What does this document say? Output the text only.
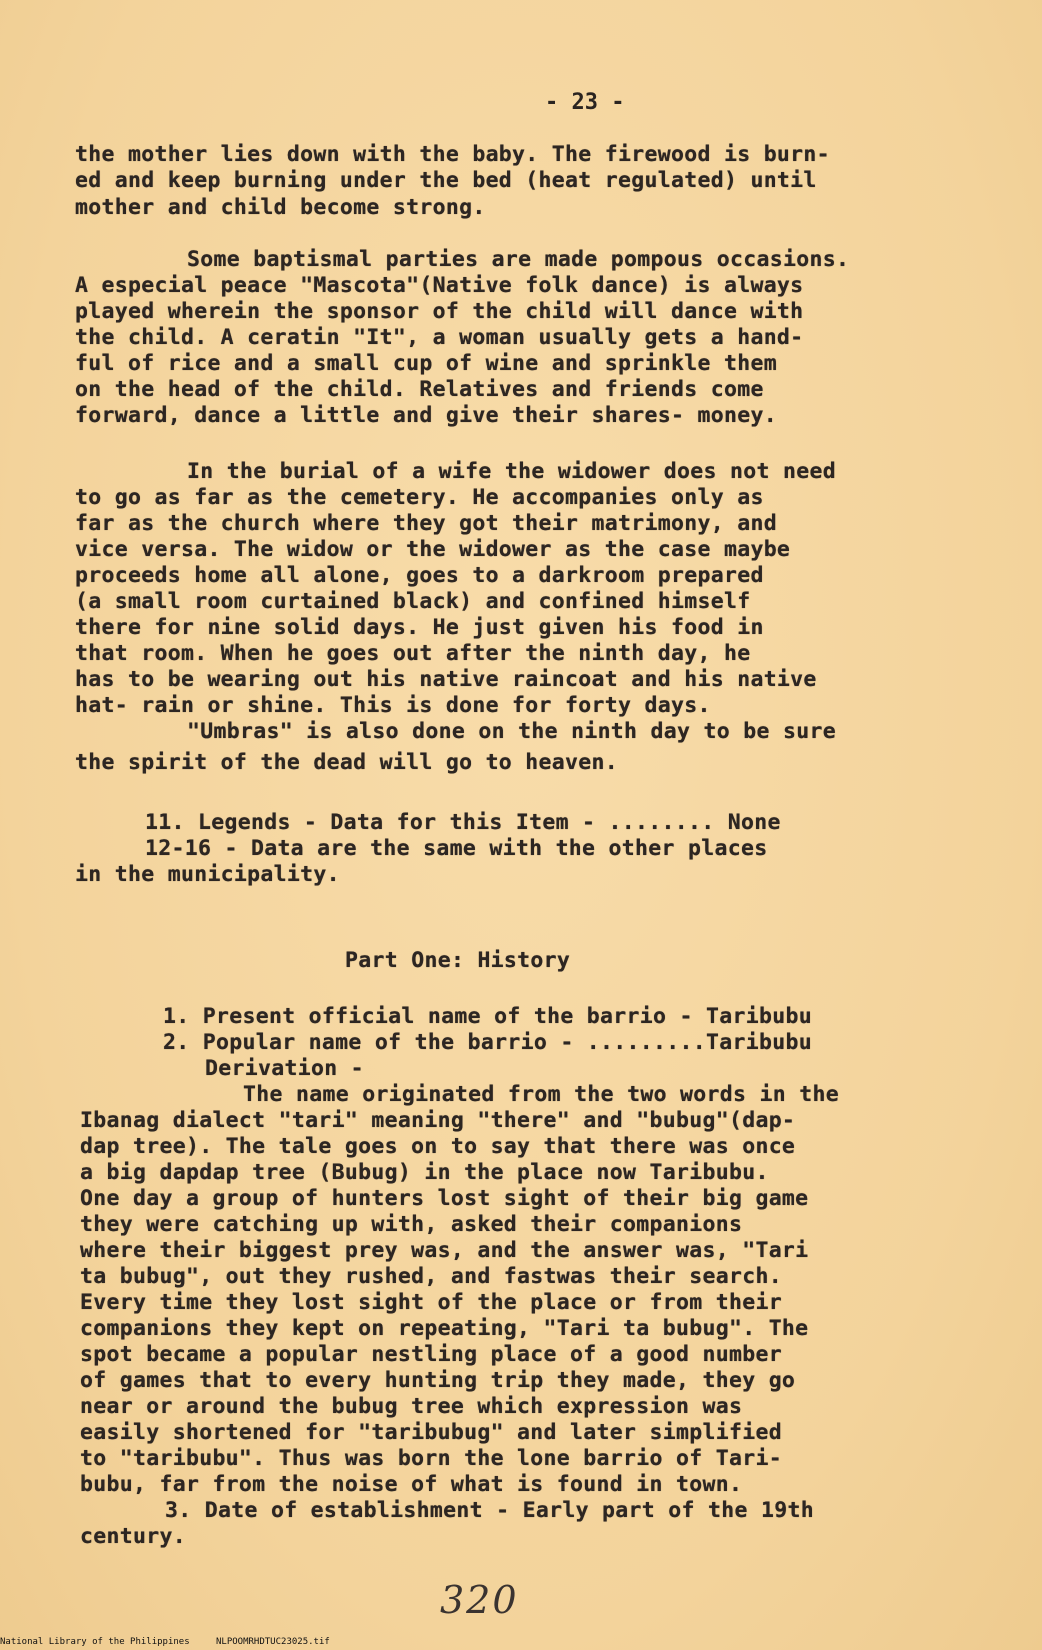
- 23 -
the mother lies down with the baby. The firewood is burn-
ed and keep burning under the bed (heat regulated) until
mother and child become strong.
Some baptismal parties are made pompous occasions.
A especial peace "Mascota"(Native folk dance) is always
played wherein the sponsor of the child will dance with
the child. A ceratin "It", a woman usually gets a hand-
ful of rice and a small cup of wine and sprinkle them
on the head of the child. Relatives and friends come
forward, dance a little and give their shares- money.
In the burial of a wife the widower does not need
to go as far as the cemetery. He accompanies only as
far as the church where they got their matrimony, and
vice versa. The widow or the widower as the case maybe
proceeds home all alone, goes to a darkroom prepared
(a small room curtained black) and confined himself
there for nine solid days. He just given his food in
that room. When he goes out after the ninth day, he
has to be wearing out his native raincoat and his native
hat- rain or shine. This is done for forty days.
"Umbras" is also done on the ninth day to be sure
the spirit of the dead will go to heaven.
11. Legends - Data for this Item - ........ None
12-16 - Data are the same with the other places
in the municipality.
Part One: History
1. Present official name of the barrio - Taribubu
2. Popular name of the barrio - .........Taribubu
Derivation -
The name originated from the two words in the
Ibanag dialect "tari" meaning "there" and "bubug"(dap-
dap tree). The tale goes on to say that there was once
a big dapdap tree (Bubug) in the place now Taribubu.
One day a group of hunters lost sight of their big game
they were catching up with, asked their companions
where their biggest prey was, and the answer was, "Tari
ta bubug", out they rushed, and fastwas their search.
Every time they lost sight of the place or from their
companions they kept on repeating, "Tari ta bubug". The
spot became a popular nestling place of a good number
of games that to every hunting trip they made, they go
near or around the bubug tree which expression was
easily shortened for "taribubug" and later simplified
to "taribubu". Thus was born the lone barrio of Tari-
bubu, far from the noise of what is found in town.
3. Date of establishment - Early part of the 19th
century.
320
National Library of the Philippines	NLPOOMRHDTUC23025.tif
